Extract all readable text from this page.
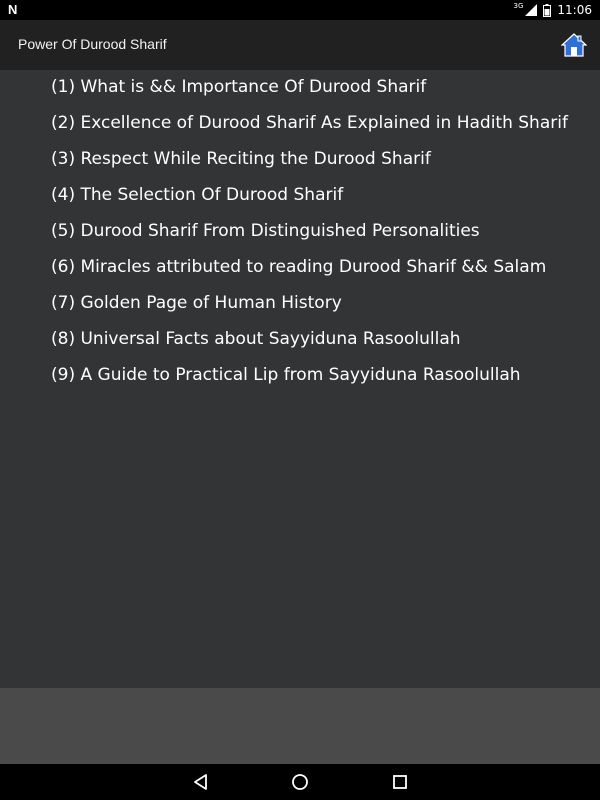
N	3G	11:06
Power Of Durood Sharif
(1) What is && Importance Of Durood Sharif
(2) Excellence of Durood Sharif As Explained in Hadith Sharif
(3) Respect While Reciting the Durood Sharif
(4) The Selection Of Durood Sharif
(5) Durood Sharif From Distinguished Personalities
(6) Miracles attributed to reading Durood Sharif && Salam
(7) Golden Page of Human History
(8) Universal Facts about Sayyiduna Rasoolullah
(9) A Guide to Practical Lip from Sayyiduna Rasoolullah
